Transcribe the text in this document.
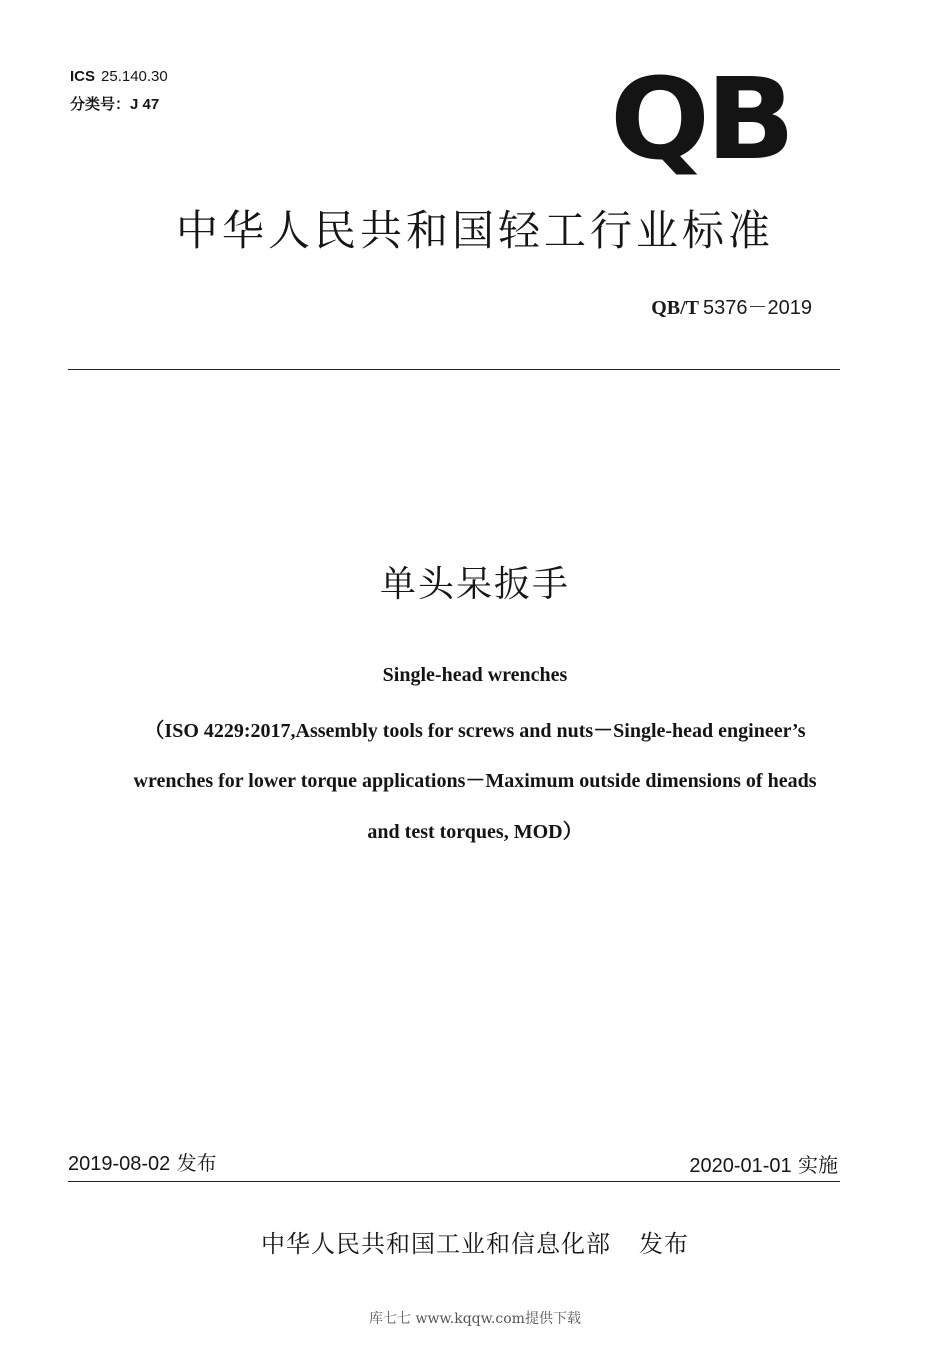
ICS 25.140.30
分类号：J 47	QB
中华人民共和国轻工行业标准
QB/T 5376－2019
单头呆扳手
Single-head wrenches
（ISO 4229:2017,Assembly tools for screws and nuts－Single-head engineer’s
wrenches for lower torque applications－Maximum outside dimensions of heads
and test torques, MOD）
2019-08-02 发布	2020-01-01 实施
中华人民共和国工业和信息化部 发布
库七七 www.kqqw.com提供下载
